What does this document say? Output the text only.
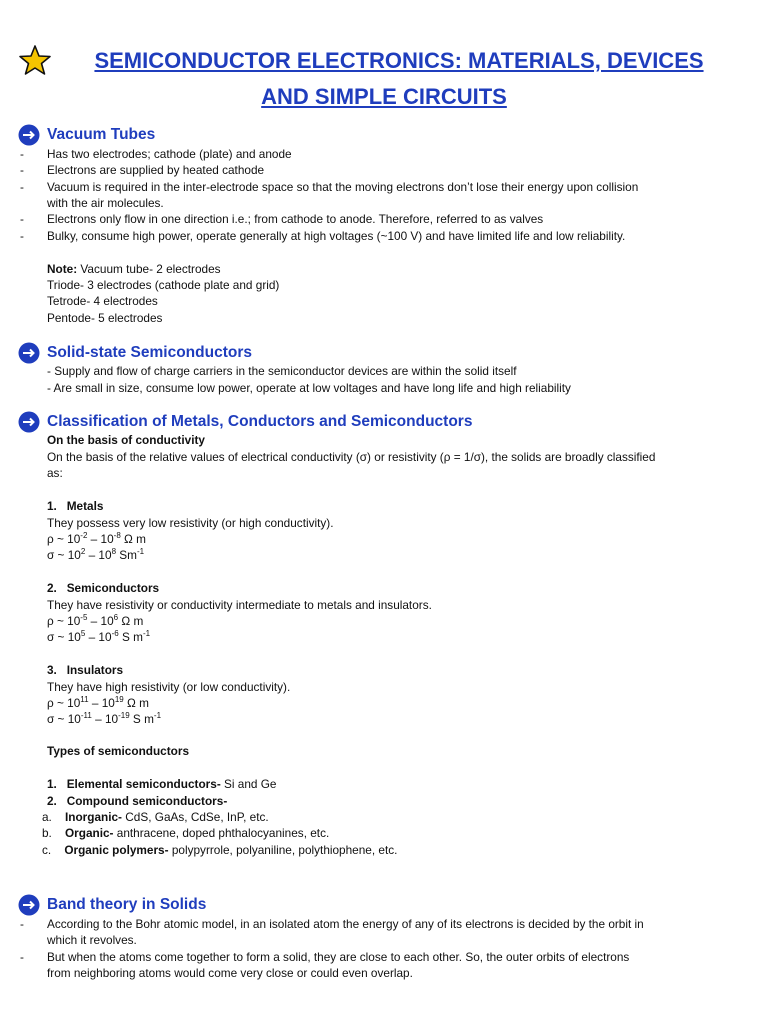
SEMICONDUCTOR ELECTRONICS: MATERIALS, DEVICES
AND SIMPLE CIRCUITS
Vacuum Tubes
- Has two electrodes; cathode (plate) and anode
- Electrons are supplied by heated cathode
- Vacuum is required in the inter-electrode space so that the moving electrons don’t lose their energy upon collision
with the air molecules.
- Electrons only flow in one direction i.e.; from cathode to anode. Therefore, referred to as valves
- Bulky, consume high power, operate generally at high voltages (~100 V) and have limited life and low reliability.
Note: Vacuum tube- 2 electrodes
Triode- 3 electrodes (cathode plate and grid)
Tetrode- 4 electrodes
Pentode- 5 electrodes
Solid-state Semiconductors
- Supply and flow of charge carriers in the semiconductor devices are within the solid itself
- Are small in size, consume low power, operate at low voltages and have long life and high reliability
Classification of Metals, Conductors and Semiconductors
On the basis of conductivity
On the basis of the relative values of electrical conductivity (σ) or resistivity (ρ = 1/σ), the solids are broadly classified
as:
1. Metals
They possess very low resistivity (or high conductivity).
ρ ~ $10^{-2} - 10^{-8}$ Ω m
σ ~ $10^2 - 10^8$ $Sm^{-1}$
2. Semiconductors
They have resistivity or conductivity intermediate to metals and insulators.
ρ ~ $10^{-5} - 10^6$ Ω m
σ ~ $10^5 - 10^{-6}$ S $m^{-1}$
3. Insulators
They have high resistivity (or low conductivity).
ρ ~ $10^{11} - 10^{19}$ Ω m
σ ~ $10^{-11} - 10^{-19}$ S $m^{-1}$
Types of semiconductors
1. Elemental semiconductors- Si and Ge
2. Compound semiconductors-
a. Inorganic- CdS, GaAs, CdSe, InP, etc.
b. Organic- anthracene, doped phthalocyanines, etc.
c. Organic polymers- polypyrrole, polyaniline, polythiophene, etc.
Band theory in Solids
- According to the Bohr atomic model, in an isolated atom the energy of any of its electrons is decided by the orbit in
which it revolves.
- But when the atoms come together to form a solid, they are close to each other. So, the outer orbits of electrons
from neighboring atoms would come very close or could even overlap.
